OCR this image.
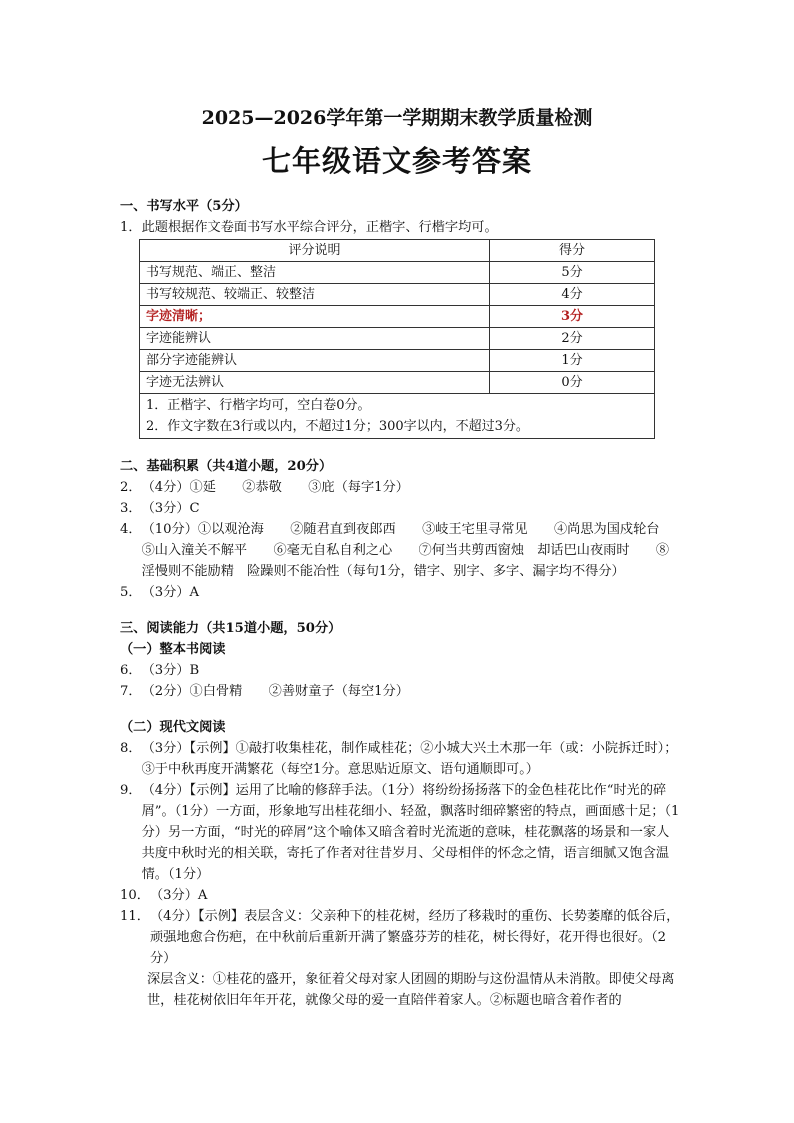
2025—2026学年第一学期期末教学质量检测
七年级语文参考答案
一、书写水平（5分）
1．此题根据作文卷面书写水平综合评分，正楷字、行楷字均可。
评分说明	得分
书写规范、端正、整洁	5分
书写较规范、较端正、较整洁	4分
字迹清晰；	3分
字迹能辨认	2分
部分字迹能辨认	1分
字迹无法辨认	0分

1．正楷字、行楷字均可，空白卷0分。
2．作文字数在3行或以内，不超过1分；300字以内，不超过3分。	
二、基础积累（共4道小题，20分）
2． （4分）①延　　②恭敬　　③庇（每字1分）
3． （3分）C
4． （10分）①以观沧海　　②随君直到夜郎西　　③岐王宅里寻常见　　④尚思为国戍轮台　　⑤山入潼关不解平　　⑥毫无自私自利之心　　⑦何当共剪西窗烛　却话巴山夜雨时　　⑧淫慢则不能励精　险躁则不能冶性（每句1分，错字、别字、多字、漏字均不得分）
5． （3分）A
三、阅读能力（共15道小题，50分）
（一）整本书阅读
6． （3分）B
7． （2分）①白骨精　　②善财童子（每空1分）
（二）现代文阅读
8． （3分）【示例】①敲打收集桂花，制作咸桂花；②小城大兴土木那一年（或：小院拆迁时）；③于中秋再度开满繁花（每空1分。意思贴近原文、语句通顺即可。）
9． （4分）【示例】运用了比喻的修辞手法。（1分）将纷纷扬扬落下的金色桂花比作“时光的碎屑”。（1分）一方面，形象地写出桂花细小、轻盈，飘落时细碎繁密的特点，画面感十足；（1分）另一方面，“时光的碎屑”这个喻体又暗含着时光流逝的意味，桂花飘落的场景和一家人共度中秋时光的相关联，寄托了作者对往昔岁月、父母相伴的怀念之情，语言细腻又饱含温情。（1分）
10． （3分）A
11． （4分）【示例】表层含义：父亲种下的桂花树，经历了移栽时的重伤、长势萎靡的低谷后，顽强地愈合伤疤，在中秋前后重新开满了繁盛芬芳的桂花，树长得好，花开得也很好。（2分）
深层含义：①桂花的盛开，象征着父母对家人团圆的期盼与这份温情从未消散。即使父母离世，桂花树依旧年年开花，就像父母的爱一直陪伴着家人。②标题也暗含着作者的
